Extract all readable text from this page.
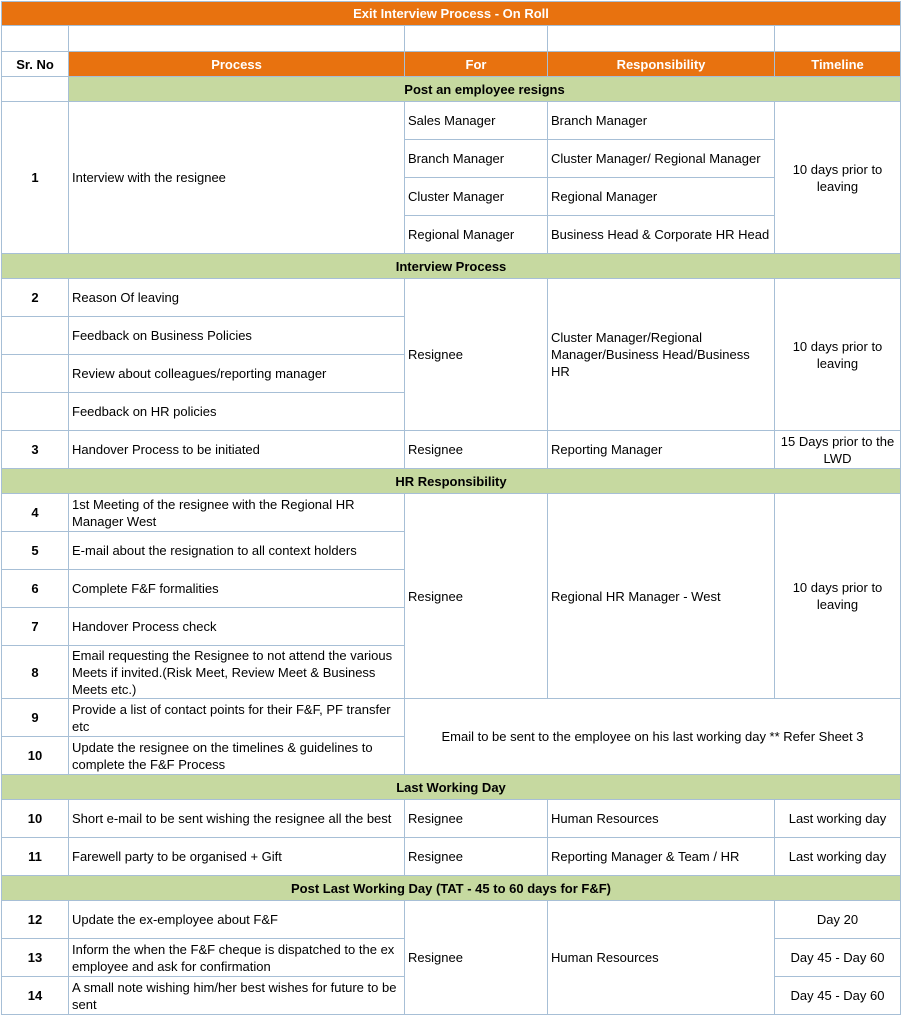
Exit Interview Process - On Roll				

Sr. No	Process	For	Responsibility	Timeline
	Post an employee resigns			
1	Interview with the resignee	Sales Manager	Branch Manager	10 days prior to leaving
		Branch Manager	Cluster Manager/ Regional Manager	
		Cluster Manager	Regional Manager	
		Regional Manager	Business Head & Corporate HR Head	
Interview Process				
2	Reason Of leaving	Resignee	Cluster Manager/Regional Manager/Business Head/Business HR	10 days prior to leaving
	Feedback on Business Policies			
	Review about colleagues/reporting manager			
	Feedback on HR policies			
3	Handover Process to be initiated	Resignee	Reporting Manager	15 Days prior to the LWD
HR Responsibility				
4	1st Meeting of the resignee with the Regional HR Manager West	Resignee	Regional HR Manager - West	10 days prior to leaving
5	E-mail about the resignation to all context holders			
6	Complete F&F formalities			
7	Handover Process check			
8	Email requesting the Resignee to not attend the various Meets if invited.(Risk Meet, Review Meet & Business Meets etc.)			
9	Provide a list of contact points for their F&F, PF transfer etc	Email to be sent to the employee on his last working day ** Refer Sheet 3		
10	Update the resignee on the timelines & guidelines to complete the F&F Process			
Last Working Day				
10	Short e-mail to be sent wishing the resignee all the best	Resignee	Human Resources	Last working day
11	Farewell party to be organised + Gift	Resignee	Reporting Manager & Team / HR	Last working day
Post Last Working Day (TAT - 45 to 60 days for F&F)				
12	Update the ex-employee about F&F	Resignee	Human Resources	Day 20
13	Inform the when the F&F cheque is dispatched to the ex employee and ask for confirmation			Day 45 - Day 60
14	A small note wishing him/her best wishes for future to be sent			Day 45 - Day 60
